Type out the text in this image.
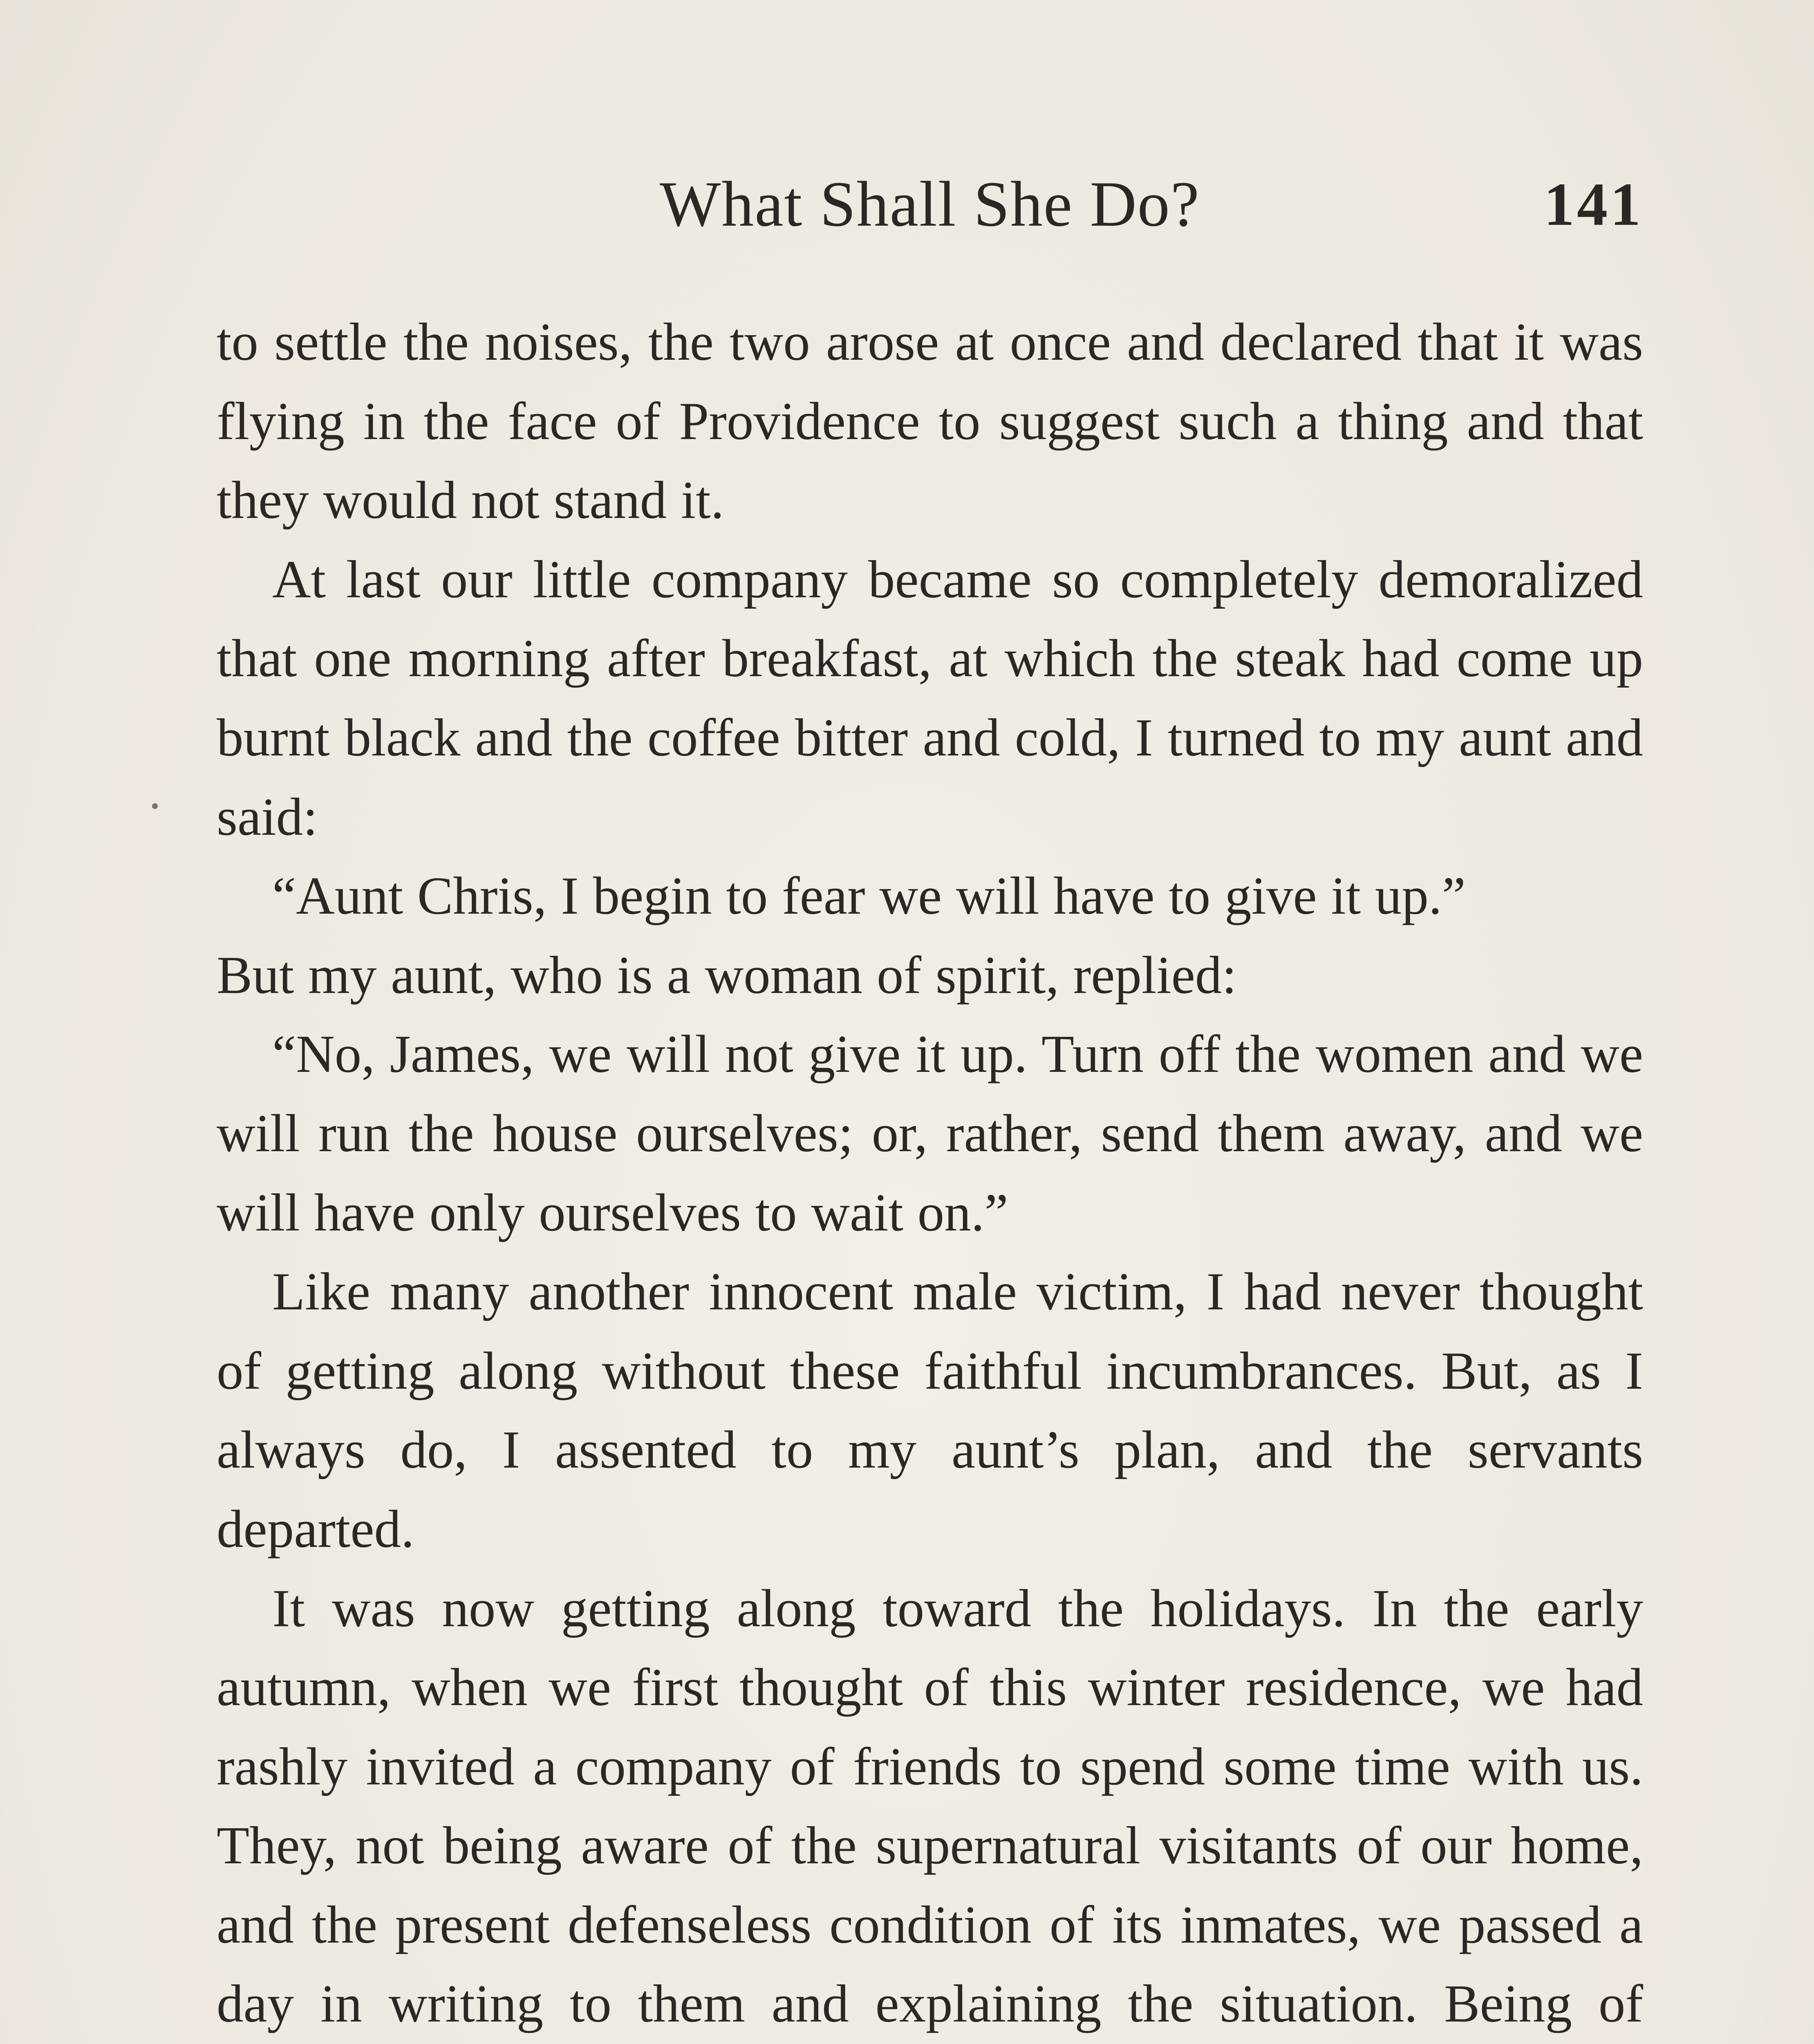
What Shall She Do?	141

to settle the noises, the two arose at once and declared that it was flying in the face of Providence to suggest such a thing and that they would not stand it.

At last our little company became so completely demoralized that one morning after breakfast, at which the steak had come up burnt black and the coffee bitter and cold, I turned to my aunt and said:

“Aunt Chris, I begin to fear we will have to give it up.”

But my aunt, who is a woman of spirit, replied:

“No, James, we will not give it up. Turn off the women and we will run the house ourselves; or, rather, send them away, and we will have only ourselves to wait on.”

Like many another innocent male victim, I had never thought of getting along without these faithful incumbrances. But, as I always do, I assented to my aunt’s plan, and the servants departed.

It was now getting along toward the holidays. In the early autumn, when we first thought of this winter residence, we had rashly invited a company of friends to spend some time with us. They, not being aware of the supernatural visitants of our home, and the present defenseless condition of its inmates, we passed a day in writing to them and explaining the situation. Being of
